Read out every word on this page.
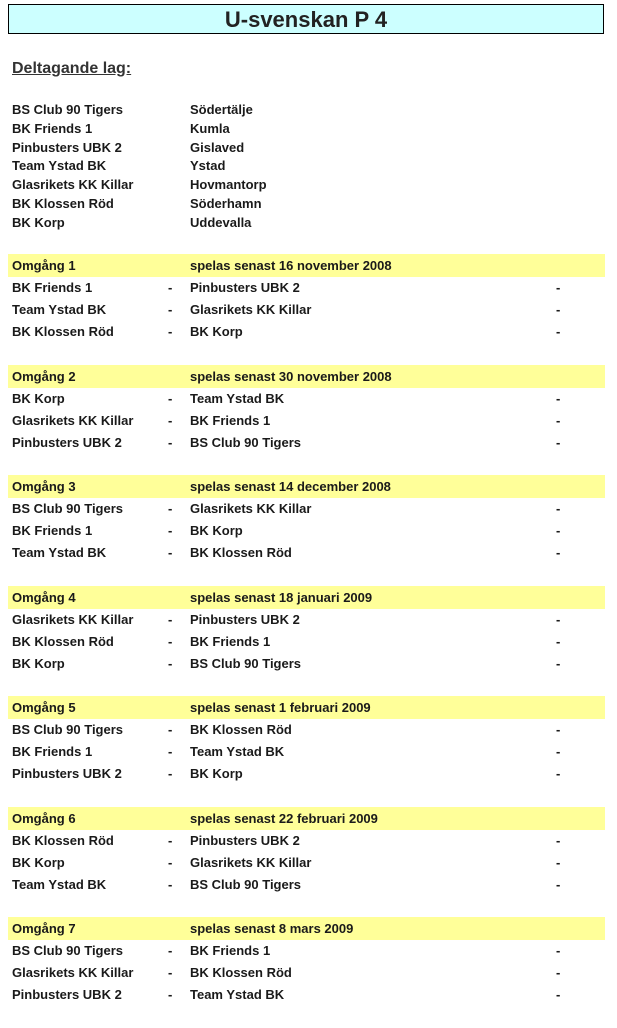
U-svenskan P 4
Deltagande lag:
BS Club 90 Tigers	Södertälje
BK Friends 1	Kumla
Pinbusters UBK 2	Gislaved
Team Ystad BK	Ystad
Glasrikets KK Killar	Hovmantorp
BK Klossen Röd	Söderhamn
BK Korp	Uddevalla
Omgång 1	spelas senast 16 november 2008
BK Friends 1	- Pinbusters UBK 2	-
Team Ystad BK	- Glasrikets KK Killar	-
BK Klossen Röd	- BK Korp	-
Omgång 2	spelas senast 30 november 2008
BK Korp	- Team Ystad BK	-
Glasrikets KK Killar	- BK Friends 1	-
Pinbusters UBK 2	- BS Club 90 Tigers	-
Omgång 3	spelas senast 14 december 2008
BS Club 90 Tigers	- Glasrikets KK Killar	-
BK Friends 1	- BK Korp	-
Team Ystad BK	- BK Klossen Röd	-
Omgång 4	spelas senast 18 januari 2009
Glasrikets KK Killar	- Pinbusters UBK 2	-
BK Klossen Röd	- BK Friends 1	-
BK Korp	- BS Club 90 Tigers	-
Omgång 5	spelas senast 1 februari 2009
BS Club 90 Tigers	- BK Klossen Röd	-
BK Friends 1	- Team Ystad BK	-
Pinbusters UBK 2	- BK Korp	-
Omgång 6	spelas senast 22 februari 2009
BK Klossen Röd	- Pinbusters UBK 2	-
BK Korp	- Glasrikets KK Killar	-
Team Ystad BK	- BS Club 90 Tigers	-
Omgång 7	spelas senast 8 mars 2009
BS Club 90 Tigers	- BK Friends 1	-
Glasrikets KK Killar	- BK Klossen Röd	-
Pinbusters UBK 2	- Team Ystad BK	-
